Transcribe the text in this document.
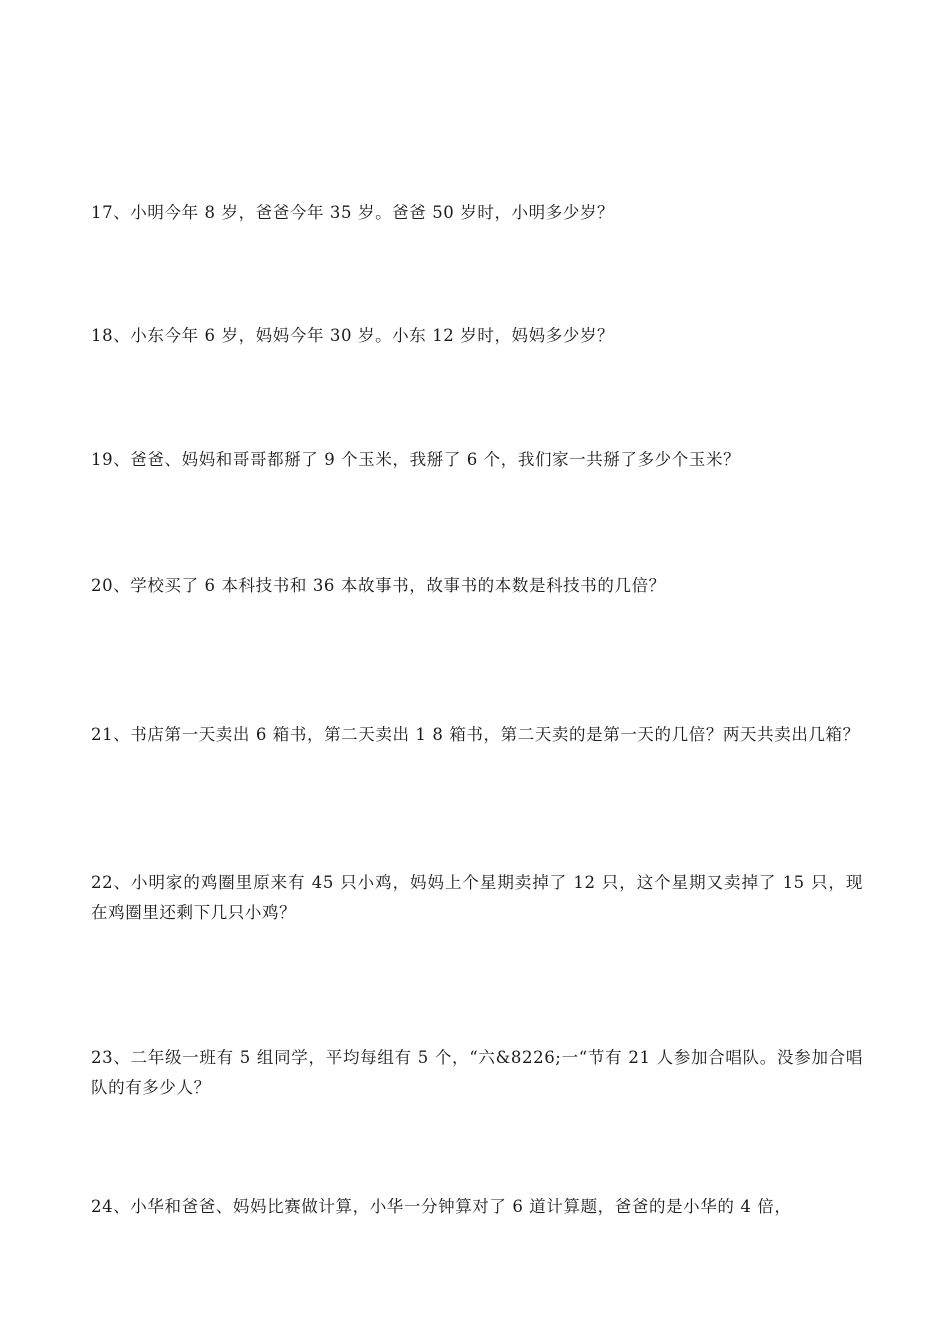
17、小明今年 8 岁，爸爸今年 35 岁。爸爸 50 岁时，小明多少岁？
18、小东今年 6 岁，妈妈今年 30 岁。小东 12 岁时，妈妈多少岁？
19、爸爸、妈妈和哥哥都掰了 9 个玉米，我掰了 6 个，我们家一共掰了多少个玉米？
20、学校买了 6 本科技书和 36 本故事书，故事书的本数是科技书的几倍？
21、书店第一天卖出 6 箱书，第二天卖出 1 8 箱书，第二天卖的是第一天的几倍？两天共卖出几箱？
22、小明家的鸡圈里原来有 45 只小鸡，妈妈上个星期卖掉了 12 只，这个星期又卖掉了 15 只，现在鸡圈里还剩下几只小鸡？
23、二年级一班有 5 组同学，平均每组有 5 个，“六&8226;一“节有 21 人参加合唱队。没参加合唱队的有多少人？
24、小华和爸爸、妈妈比赛做计算，小华一分钟算对了 6 道计算题，爸爸的是小华的 4 倍，
